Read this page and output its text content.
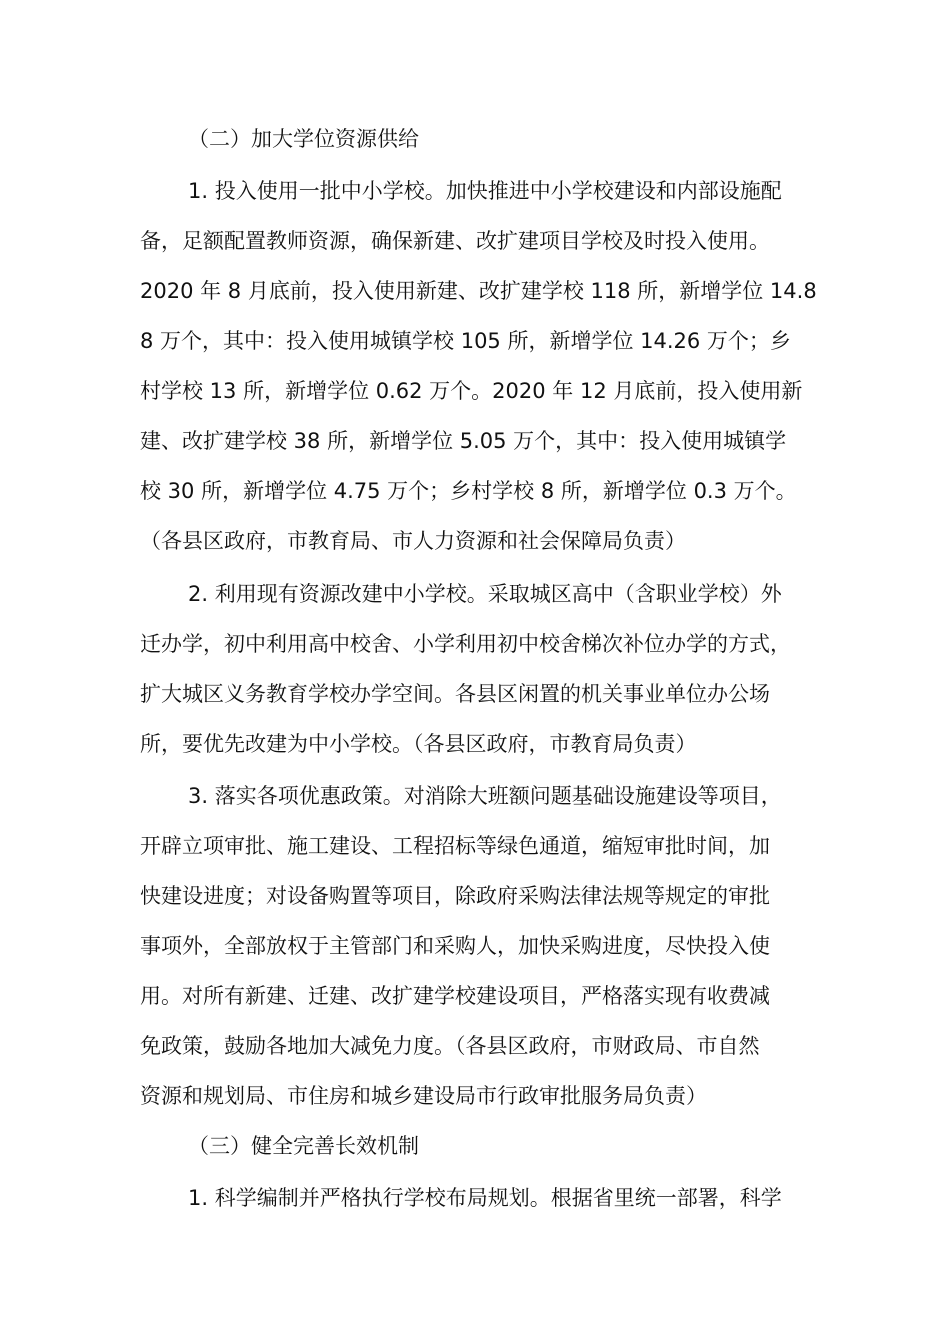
（二）加大学位资源供给
1. 投入使用一批中小学校。加快推进中小学校建设和内部设施配
备，足额配置教师资源，确保新建、改扩建项目学校及时投入使用。
2020 年 8 月底前，投入使用新建、改扩建学校 118 所，新增学位 14.8
8 万个，其中：投入使用城镇学校 105 所，新增学位 14.26 万个；乡
村学校 13 所，新增学位 0.62 万个。2020 年 12 月底前，投入使用新
建、改扩建学校 38 所，新增学位 5.05 万个，其中：投入使用城镇学
校 30 所，新增学位 4.75 万个；乡村学校 8 所，新增学位 0.3 万个。
（各县区政府，市教育局、市人力资源和社会保障局负责）
2. 利用现有资源改建中小学校。采取城区高中（含职业学校）外
迁办学，初中利用高中校舍、小学利用初中校舍梯次补位办学的方式，
扩大城区义务教育学校办学空间。各县区闲置的机关事业单位办公场
所，要优先改建为中小学校。（各县区政府，市教育局负责）
3. 落实各项优惠政策。对消除大班额问题基础设施建设等项目，
开辟立项审批、施工建设、工程招标等绿色通道，缩短审批时间，加
快建设进度；对设备购置等项目，除政府采购法律法规等规定的审批
事项外，全部放权于主管部门和采购人，加快采购进度，尽快投入使
用。对所有新建、迁建、改扩建学校建设项目，严格落实现有收费减
免政策，鼓励各地加大减免力度。（各县区政府，市财政局、市自然
资源和规划局、市住房和城乡建设局市行政审批服务局负责）
（三）健全完善长效机制
1. 科学编制并严格执行学校布局规划。根据省里统一部署，科学
